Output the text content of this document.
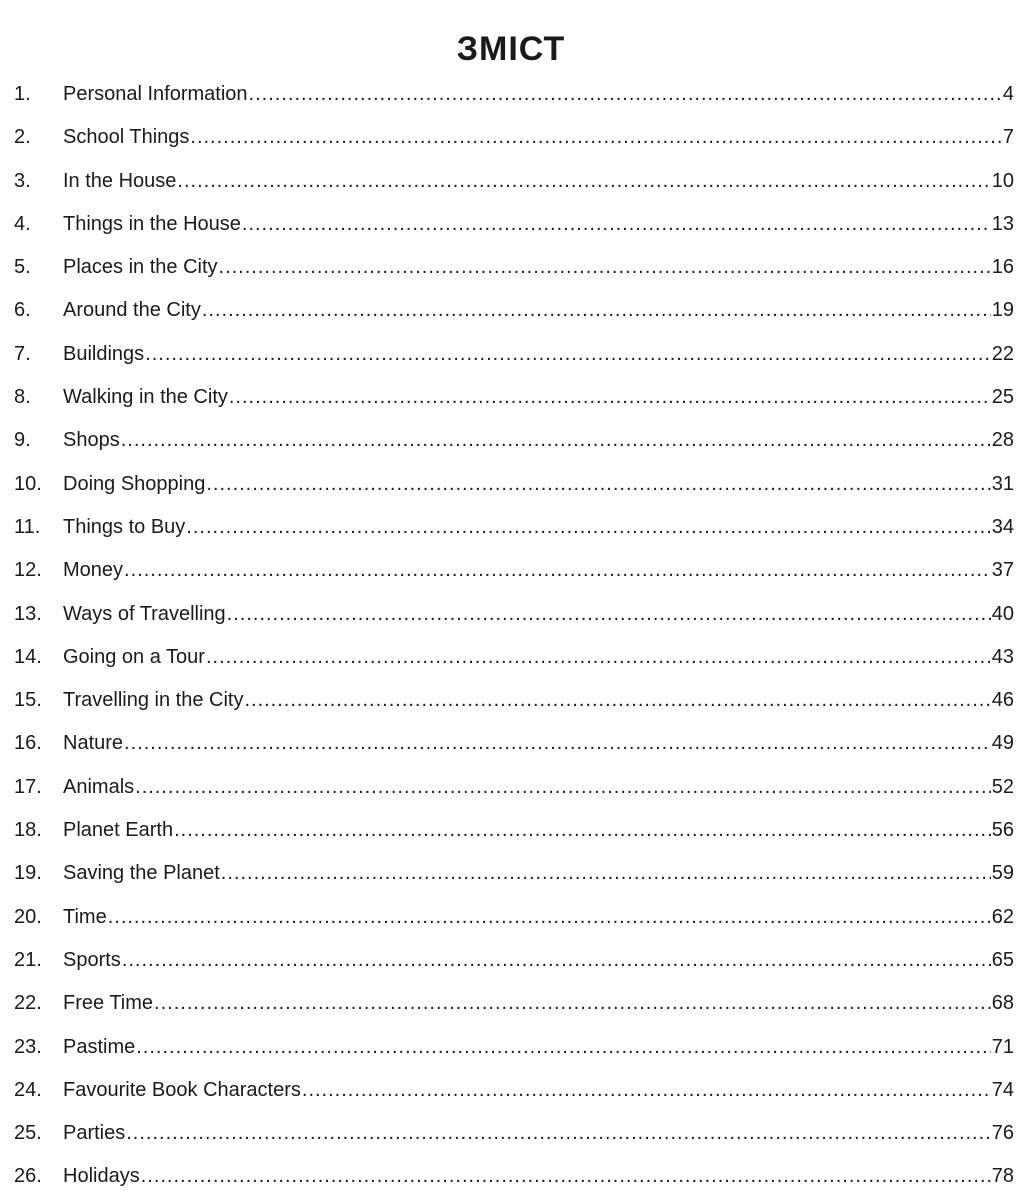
ЗМІСТ
1.	Personal Information .....	4
2.	School Things .....	7
3.	In the House .....	10
4.	Things in the House .....	13
5.	Places in the City .....	16
6.	Around the City .....	19
7.	Buildings .....	22
8.	Walking in the City .....	25
9.	Shops .....	28
10.	Doing Shopping .....	31
11.	Things to Buy .....	34
12.	Money .....	37
13.	Ways of Travelling .....	40
14.	Going on a Tour .....	43
15.	Travelling in the City .....	46
16.	Nature .....	49
17.	Animals .....	52
18.	Planet Earth .....	56
19.	Saving the Planet .....	59
20.	Time .....	62
21.	Sports .....	65
22.	Free Time .....	68
23.	Pastime .....	71
24.	Favourite Book Characters .....	74
25.	Parties .....	76
26.	Holidays .....	78
